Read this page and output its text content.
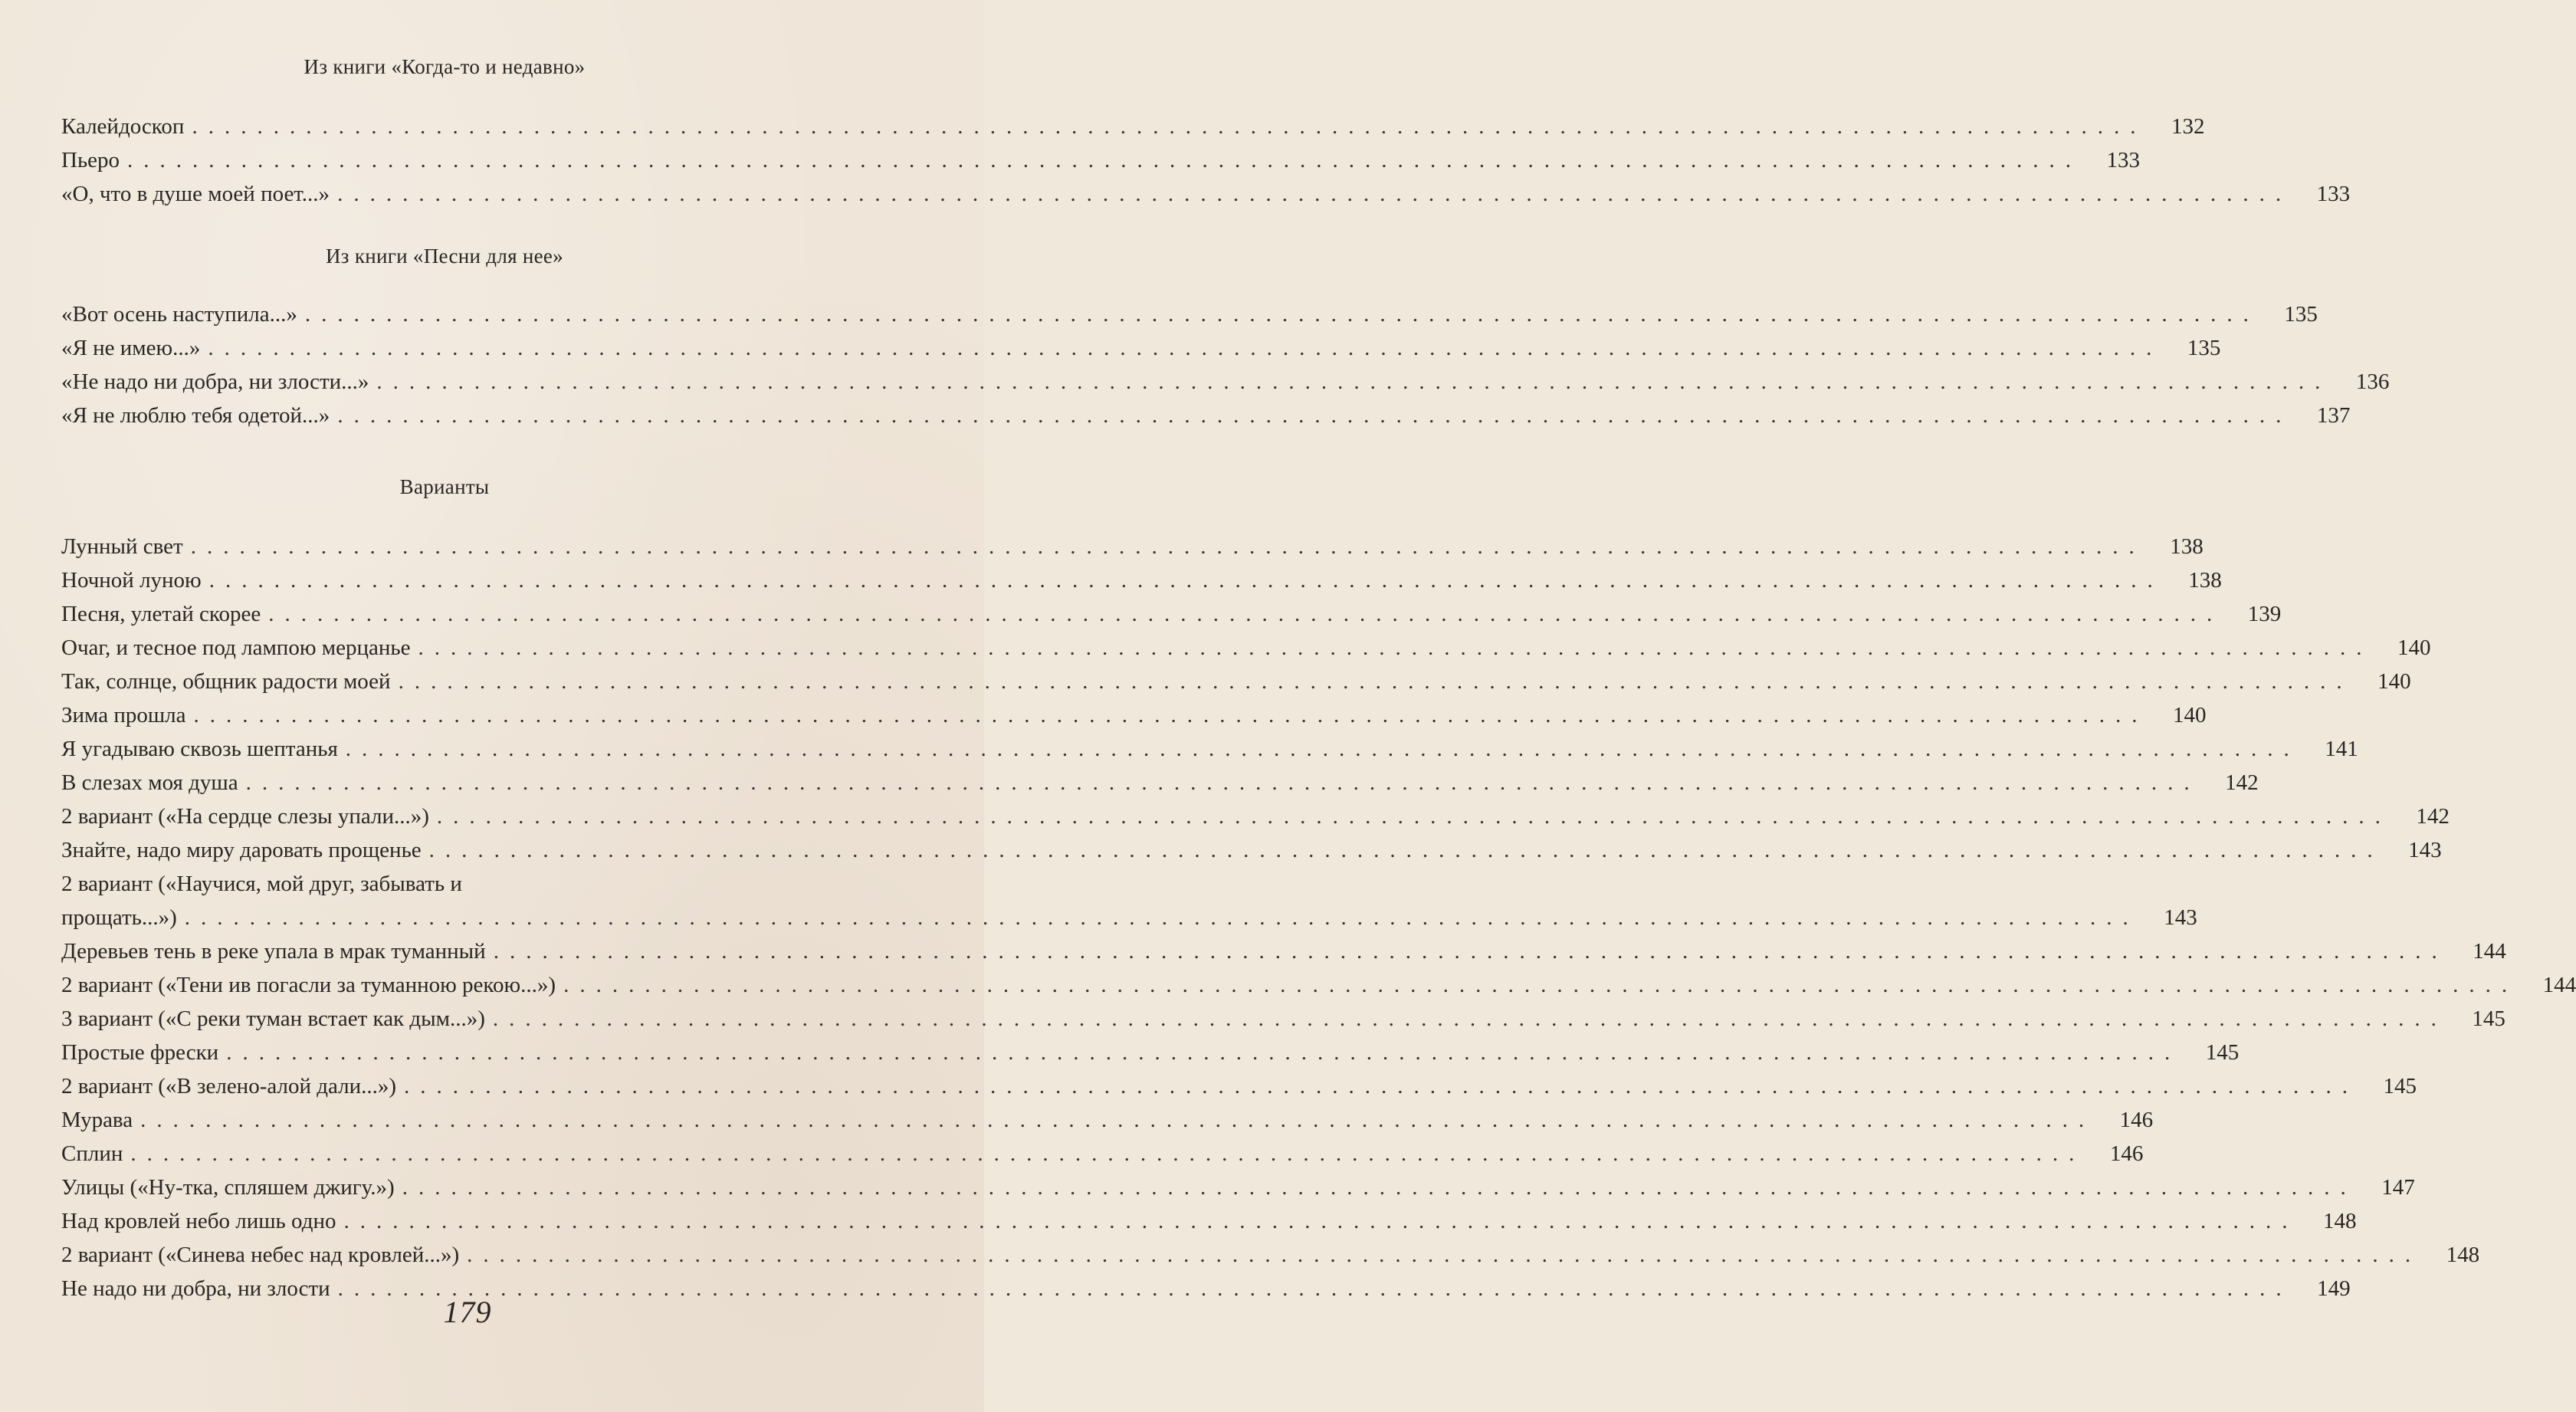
Из книги «Когда-то и недавно»
Калейдоскоп ........................................................................................................................	132
Пьеро ........................................................................................................................	133
«О, что в душе моей поет...» ........................................................................................................................	133
Из книги «Песни для нее»
«Вот осень наступила...» ........................................................................................................................	135
«Я не имею...» ........................................................................................................................	135
«Не надо ни добра, ни злости...» ........................................................................................................................	136
«Я не люблю тебя одетой...» ........................................................................................................................	137
Варианты
Лунный свет ........................................................................................................................	138
Ночной луною ........................................................................................................................	138
Песня, улетай скорее ........................................................................................................................	139
Очаг, и тесное под лампою мерцанье ........................................................................................................................	140
Так, солнце, общник радости моей ........................................................................................................................	140
Зима прошла ........................................................................................................................	140
Я угадываю сквозь шептанья ........................................................................................................................	141
В слезах моя душа ........................................................................................................................	142
2 вариант («На сердце слезы упали...») ........................................................................................................................	142
Знайте, надо миру даровать прощенье ........................................................................................................................	143
2 вариант («Научися, мой друг, забывать и
прощать...») ........................................................................................................................	143
Деревьев тень в реке упала в мрак туманный ........................................................................................................................	144
2 вариант («Тени ив погасли за туманною рекою...») ........................................................................................................................	144
3 вариант («С реки туман встает как дым...») ........................................................................................................................	145
Простые фрески ........................................................................................................................	145
2 вариант («В зелено-алой дали...») ........................................................................................................................	145
Мурава ........................................................................................................................	146
Сплин ........................................................................................................................	146
Улицы («Ну-тка, спляшем джигу.») ........................................................................................................................	147
Над кровлей небо лишь одно ........................................................................................................................	148
2 вариант («Синева небес над кровлей...») ........................................................................................................................	148
Не надо ни добра, ни злости ........................................................................................................................	149
179
